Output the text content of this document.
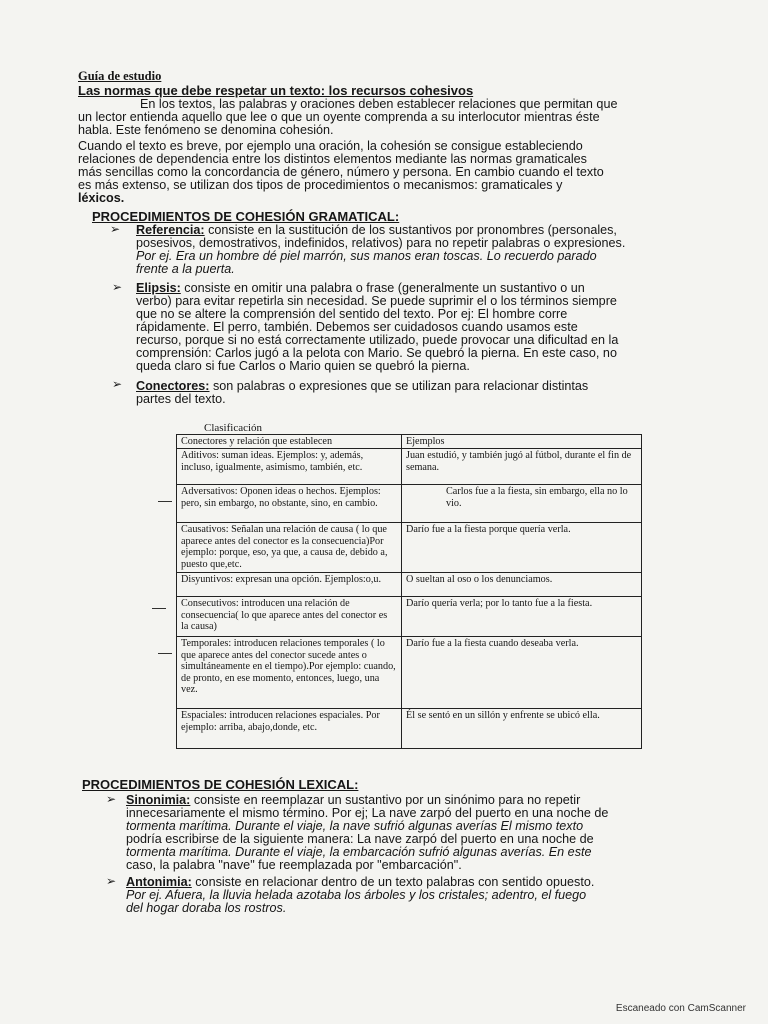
Guía de estudio
Las normas que debe respetar un texto: los recursos cohesivos
En los textos, las palabras y oraciones deben establecer relaciones que permitan que
un lector entienda aquello que lee o que un oyente comprenda a su interlocutor mientras éste
habla. Este fenómeno se denomina cohesión.
Cuando el texto es breve, por ejemplo una oración, la cohesión se consigue estableciendo
relaciones de dependencia entre los distintos elementos mediante las normas gramaticales
más sencillas como la concordancia de género, número y persona. En cambio cuando el texto
es más extenso, se utilizan dos tipos de procedimientos o mecanismos: gramaticales y
léxicos.
PROCEDIMIENTOS DE COHESIÓN GRAMATICAL:
➢ Referencia: consiste en la sustitución de los sustantivos por pronombres (personales,
posesivos, demostrativos, indefinidos, relativos) para no repetir palabras o expresiones.
Por ej. Era un hombre dé piel marrón, sus manos eran toscas. Lo recuerdo parado
frente a la puerta.
➢ Elipsis: consiste en omitir una palabra o frase (generalmente un sustantivo o un
verbo) para evitar repetirla sin necesidad. Se puede suprimir el o los términos siempre
que no se altere la comprensión del sentido del texto. Por ej: El hombre corre
rápidamente. El perro, también. Debemos ser cuidadosos cuando usamos este
recurso, porque si no está correctamente utilizado, puede provocar una dificultad en la
comprensión: Carlos jugó a la pelota con Mario. Se quebró la pierna. En este caso, no
queda claro si fue Carlos o Mario quien se quebró la pierna.
➢ Conectores: son palabras o expresiones que se utilizan para relacionar distintas
partes del texto.
Clasificación
—
—
—
PROCEDIMIENTOS DE COHESIÓN LEXICAL:
➢ Sinonimia: consiste en reemplazar un sustantivo por un sinónimo para no repetir
innecesariamente el mismo término. Por ej; La nave zarpó del puerto en una noche de
tormenta marítima. Durante el viaje, la nave sufrió algunas averías El mismo texto
podría escribirse de la siguiente manera: La nave zarpó del puerto en una noche de
tormenta marítima. Durante el viaje, la embarcación sufrió algunas averías. En este
caso, la palabra "nave" fue reemplazada por "embarcación".
➢ Antonimia: consiste en relacionar dentro de un texto palabras con sentido opuesto.
Por ej. Afuera, la lluvia helada azotaba los árboles y los cristales; adentro, el fuego
del hogar doraba los rostros.
Conectores y relación que establecen	Ejemplos
Aditivos: suman ideas. Ejemplos: y, además, incluso, igualmente, asimismo, también, etc.	Juan estudió, y también jugó al fútbol, durante el fin de semana.
Adversativos: Oponen ideas o hechos. Ejemplos: pero, sin embargo, no obstante, sino, en cambio.	Carlos fue a la fiesta, sin embargo, ella no lo vio.
Causativos: Señalan una relación de causa ( lo que aparece antes del conector es la consecuencia)Por ejemplo: porque, eso, ya que, a causa de, debido a, puesto que,etc.	Darío fue a la fiesta porque quería verla.
Disyuntivos: expresan una opción. Ejemplos:o,u.	O sueltan al oso o los denunciamos.
Consecutivos: introducen una relación de consecuencia( lo que aparece antes del conector es la causa)	Darío quería verla; por lo tanto fue a la fiesta.
Temporales: introducen relaciones temporales ( lo que aparece antes del conector sucede antes o simultáneamente en el tiempo).Por ejemplo: cuando, de pronto, en ese momento, entonces, luego, una vez.	Darío fue a la fiesta cuando deseaba verla.
Espaciales: introducen relaciones espaciales. Por ejemplo: arriba, abajo,donde, etc.	Él se sentó en un sillón y enfrente se ubicó ella.
Escaneado con CamScanner
